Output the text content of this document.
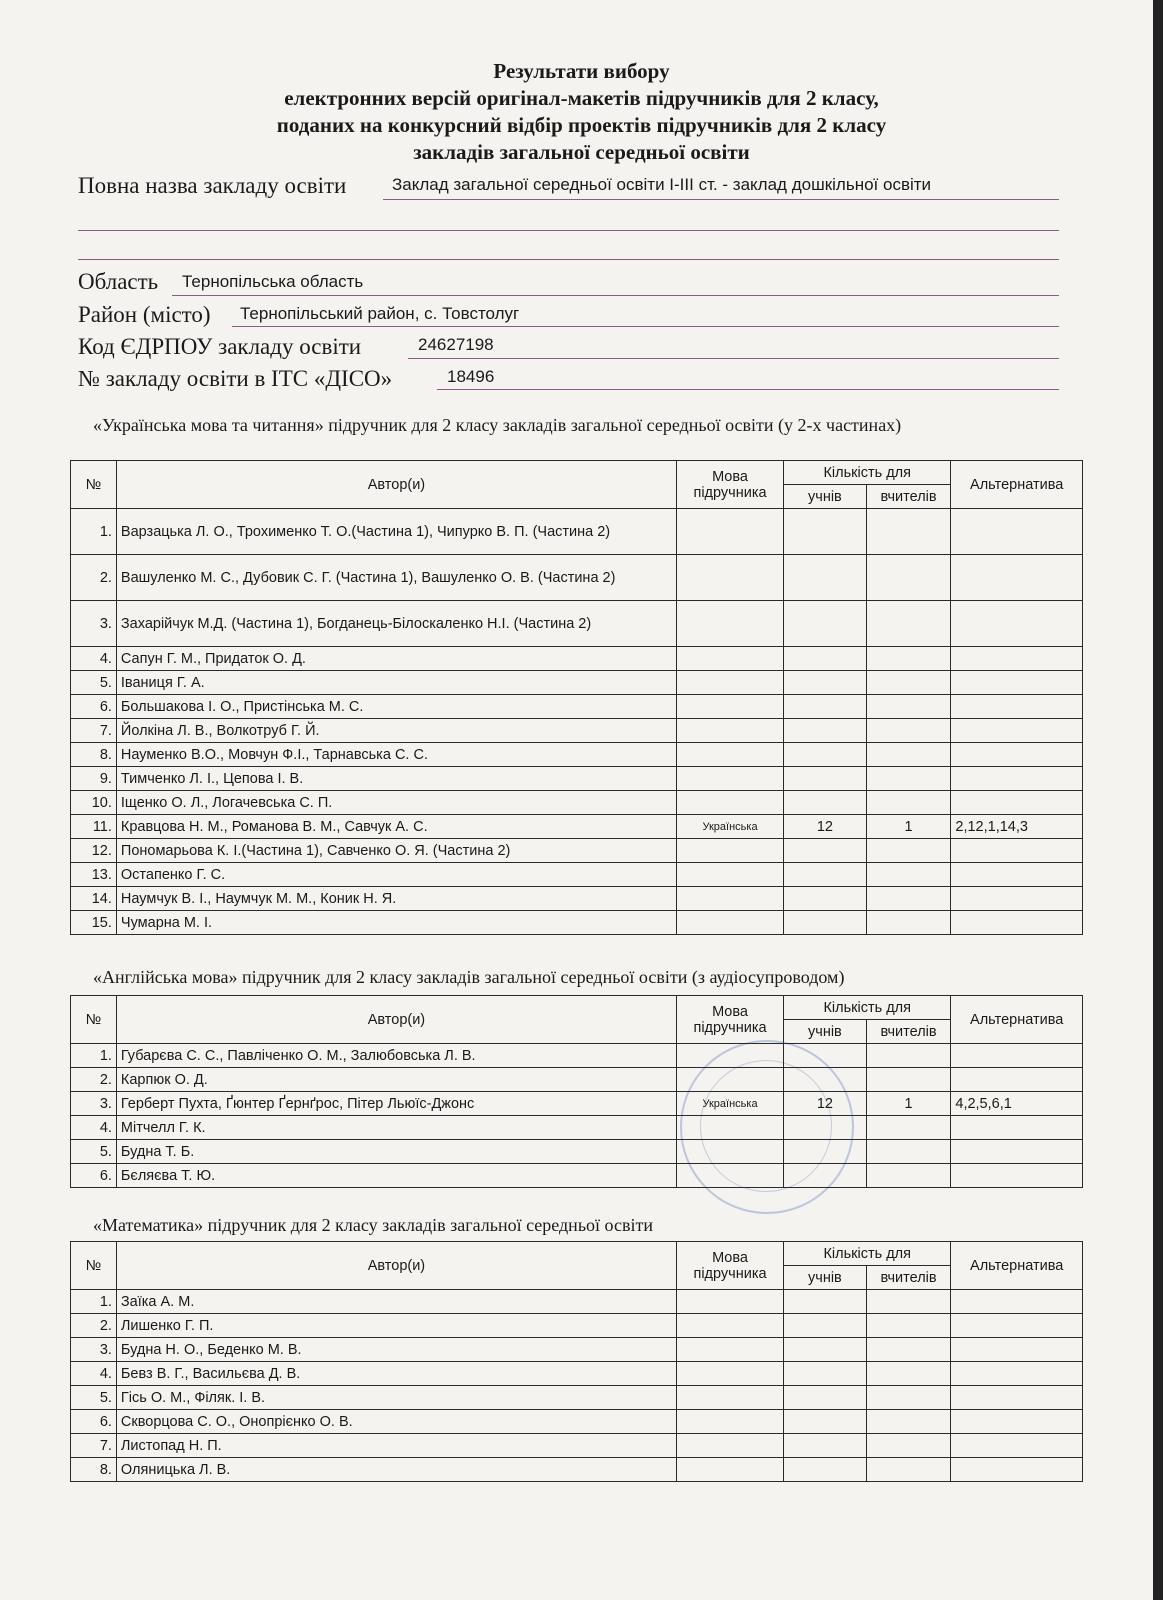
Результати вибору
електронних версій оригінал-макетів підручників для 2 класу,
поданих на конкурсний відбір проектів підручників для 2 класу
закладів загальної середньої освіти
Повна назва закладу освіти	Заклад загальної середньої освіти І-ІІІ ст. - заклад дошкільної освіти
Область Тернопільська область
Район (місто) Тернопільський район, с. Товстолуг
Код ЄДРПОУ закладу освіти	24627198
№ закладу освіти в ІТС «ДІСО»	18496
«Українська мова та читання» підручник для 2 класу закладів загальної середньої освіти (у 2-х частинах)
№	Автор(и)	Мова підручника	Кількість для		Альтернатива
			учнів	вчителів	
1.	Варзацька Л. О., Трохименко Т. О.(Частина 1), Чипурко В. П. (Частина 2)				
2.	Вашуленко М. С., Дубовик С. Г. (Частина 1), Вашуленко О. В. (Частина 2)				
3.	Захарійчук М.Д. (Частина 1), Богданець-Білоскаленко Н.І. (Частина 2)				
4.	Сапун Г. М., Придаток О. Д.				
5.	Іваниця Г. А.				
6.	Большакова І. О., Пристінська М. С.				
7.	Йолкіна Л. В., Волкотруб Г. Й.				
8.	Науменко В.О., Мовчун Ф.І., Тарнавська С. С.				
9.	Тимченко Л. І., Цепова І. В.				
10.	Іщенко О. Л., Логачевська С. П.				
11.	Кравцова Н. М., Романова В. М., Савчук А. С.	Українська	12	1	2,12,1,14,3
12.	Пономарьова К. І.(Частина 1), Савченко О. Я. (Частина 2)				
13.	Остапенко Г. С.				
14.	Наумчук В. І., Наумчук М. М., Коник Н. Я.				
15.	Чумарна М. І.				
«Англійська мова» підручник для 2 класу закладів загальної середньої освіти (з аудіосупроводом)
№	Автор(и)	Мова підручника	Кількість для		Альтернатива
			учнів	вчителів	
1.	Губарєва С. С., Павліченко О. М., Залюбовська Л. В.				
2.	Карпюк О. Д.				
3.	Герберт Пухта, Ґюнтер Ґернґрос, Пітер Льюїс-Джонс	Українська	12	1	4,2,5,6,1
4.	Мітчелл Г. К.				
5.	Будна Т. Б.				
6.	Бєляєва Т. Ю.				
«Математика» підручник для 2 класу закладів загальної середньої освіти
№	Автор(и)	Мова підручника	Кількість для		Альтернатива
			учнів	вчителів	
1.	Заїка А. М.				
2.	Лишенко Г. П.				
3.	Будна Н. О., Беденко М. В.				
4.	Бевз В. Г., Васильєва Д. В.				
5.	Гісь О. М., Філяк. І. В.				
6.	Скворцова С. О., Онопрієнко О. В.				
7.	Листопад Н. П.				
8.	Оляницька Л. В.				
